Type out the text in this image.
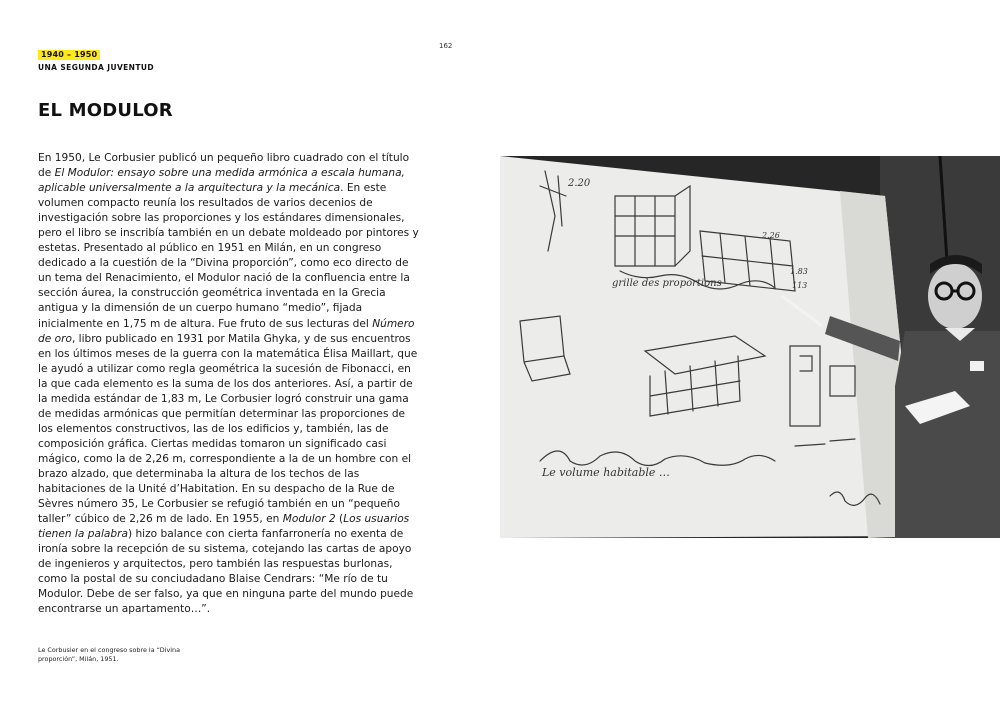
1940 – 1950
UNA SEGUNDA JUVENTUD
162
EL MODULOR

En 1950, Le Corbusier publicó un pequeño libro cuadrado con el título de El Modulor: ensayo sobre una medida armónica a escala humana, aplicable universalmente a la arquitectura y la mecánica. En este volumen compacto reunía los resultados de varios decenios de investigación sobre las proporciones y los estándares dimensionales, pero el libro se inscribía también en un debate moldeado por pintores y estetas. Presentado al público en 1951 en Milán, en un congreso dedicado a la cuestión de la “Divina proporción”, como eco directo de un tema del Renacimiento, el Modulor nació de la confluencia entre la sección áurea, la construcción geométrica inventada en la Grecia antigua y la dimensión de un cuerpo humano “medio”, fijada inicialmente en 1,75 m de altura. Fue fruto de sus lecturas del Número de oro, libro publicado en 1931 por Matila Ghyka, y de sus encuentros en los últimos meses de la guerra con la matemática Élisa Maillart, que le ayudó a utilizar como regla geométrica la sucesión de Fibonacci, en la que cada elemento es la suma de los dos anteriores. Así, a partir de la medida estándar de 1,83 m, Le Corbusier logró construir una gama de medidas armónicas que permitían determinar las proporciones de los elementos constructivos, las de los edificios y, también, las de composición gráfica. Ciertas medidas tomaron un significado casi mágico, como la de 2,26 m, correspondiente a la de un hombre con el brazo alzado, que determinaba la altura de los techos de las habitaciones de la Unité d’Habitation. En su despacho de la Rue de Sèvres número 35, Le Corbusier se refugió también en un “pequeño taller” cúbico de 2,26 m de lado. En 1955, en Modulor 2 (Los usuarios tienen la palabra) hizo balance con cierta fanfarronería no exenta de ironía sobre la recepción de su sistema, cotejando las cartas de apoyo de ingenieros y arquitectos, pero también las respuestas burlonas, como la postal de su conciudadano Blaise Cendrars: “Me río de tu Modulor. Debe de ser falso, ya que en ninguna parte del mundo puede encontrarse un apartamento…”.

Le Corbusier en el congreso sobre la “Divina proporción”, Milán, 1951.
2.20
2.26
1.83
113
grille des proportions
Le volume habitable …
